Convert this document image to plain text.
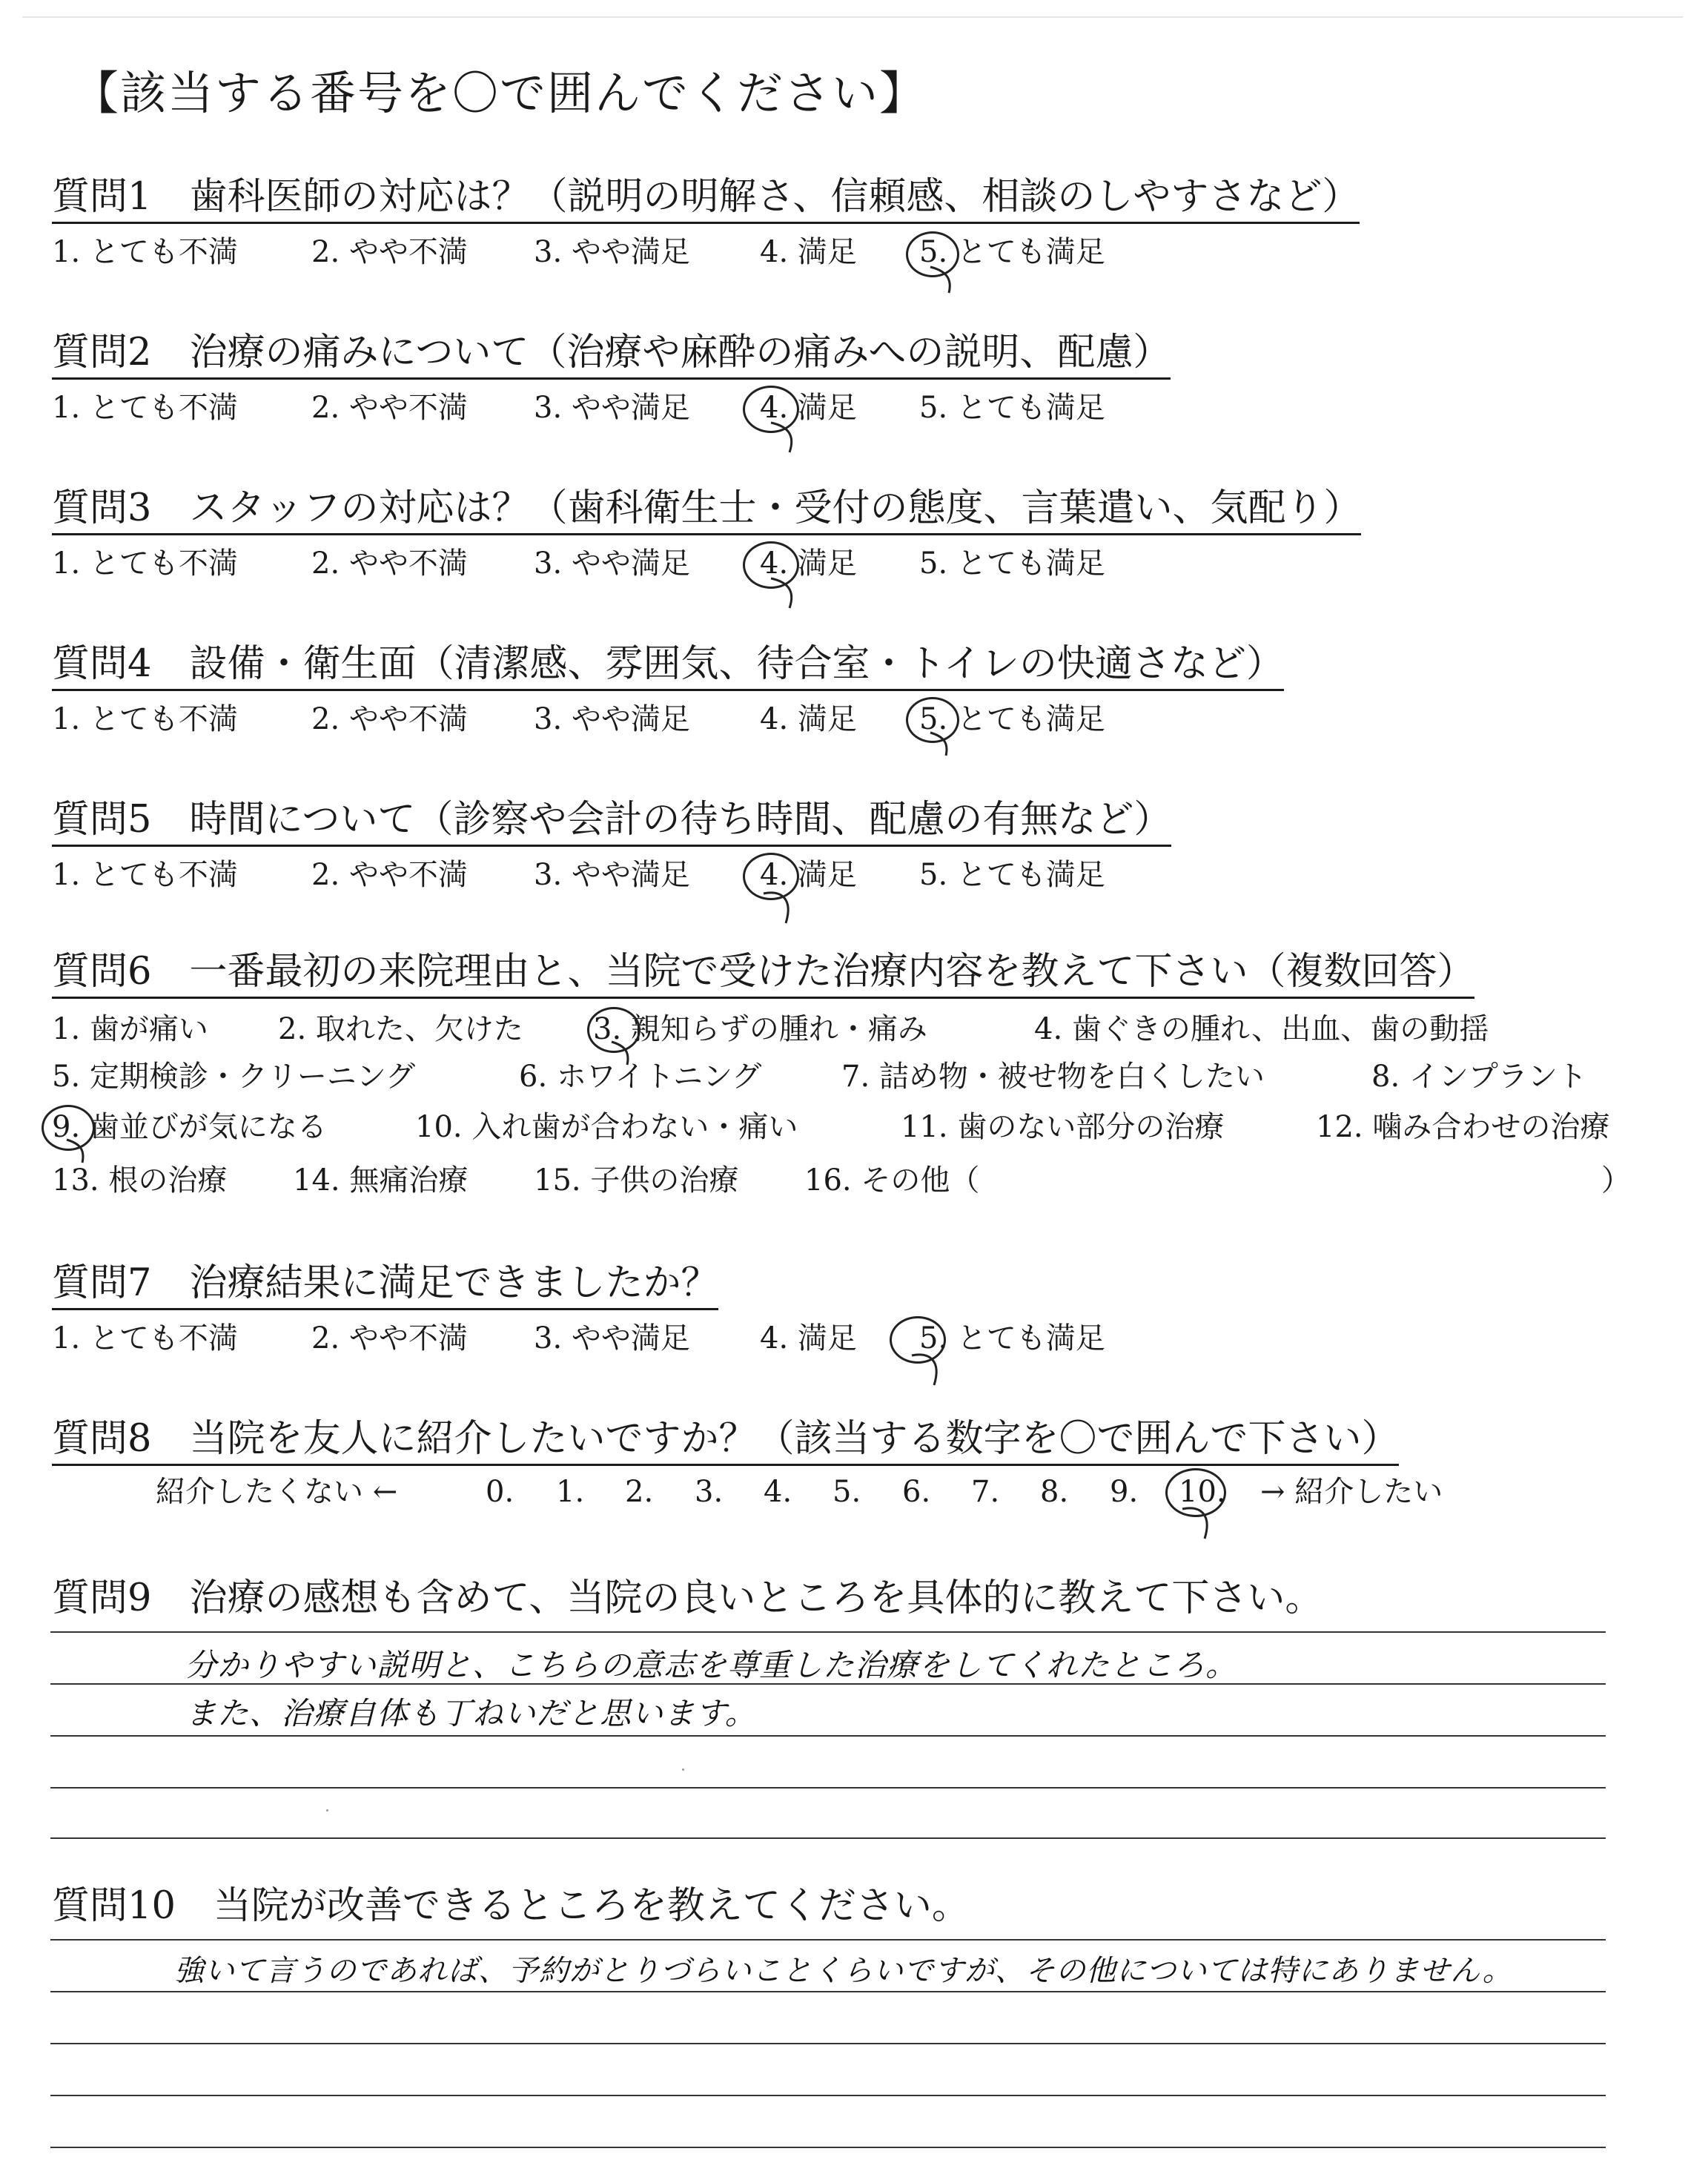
【該当する番号を〇で囲んでください】
質問1　歯科医師の対応は？（説明の明解さ、信頼感、相談のしやすさなど）
1. とても不満 2. やや不満 3. やや満足 4. 満足 5. とても満足
質問2　治療の痛みについて（治療や麻酔の痛みへの説明、配慮）
1. とても不満 2. やや不満 3. やや満足 4. 満足 5. とても満足
質問3　スタッフの対応は？（歯科衛生士・受付の態度、言葉遣い、気配り）
1. とても不満 2. やや不満 3. やや満足 4. 満足 5. とても満足
質問4　設備・衛生面（清潔感、雰囲気、待合室・トイレの快適さなど）
1. とても不満 2. やや不満 3. やや満足 4. 満足 5. とても満足
質問5　時間について（診察や会計の待ち時間、配慮の有無など）
1. とても不満 2. やや不満 3. やや満足 4. 満足 5. とても満足
質問6　一番最初の来院理由と、当院で受けた治療内容を教えて下さい（複数回答）
1. 歯が痛い 2. 取れた、欠けた 3. 親知らずの腫れ・痛み	4. 歯ぐきの腫れ、出血、歯の動揺
5. 定期検診・クリーニング	6. ホワイトニング	7. 詰め物・被せ物を白くしたい	8. インプラント
9. 歯並びが気になる	10. 入れ歯が合わない・痛い	11. 歯のない部分の治療	12. 噛み合わせの治療
13. 根の治療 14. 無痛治療 15. 子供の治療 16. その他（	）
質問7　治療結果に満足できましたか？
1. とても不満 2. やや不満 3. やや満足 4. 満足 5. とても満足
質問8　当院を友人に紹介したいですか？（該当する数字を〇で囲んで下さい）
紹介したくない ←	0. 1. 2. 3. 4. 5. 6. 7. 8. 9. 10. → 紹介したい
質問9　治療の感想も含めて、当院の良いところを具体的に教えて下さい。
分かりやすい説明と、こちらの意志を尊重した治療をしてくれたところ。
また、治療自体も丁ねいだと思います。
質問10　当院が改善できるところを教えてください。
強いて言うのであれば、予約がとりづらいことくらいですが、その他については特にありません。
